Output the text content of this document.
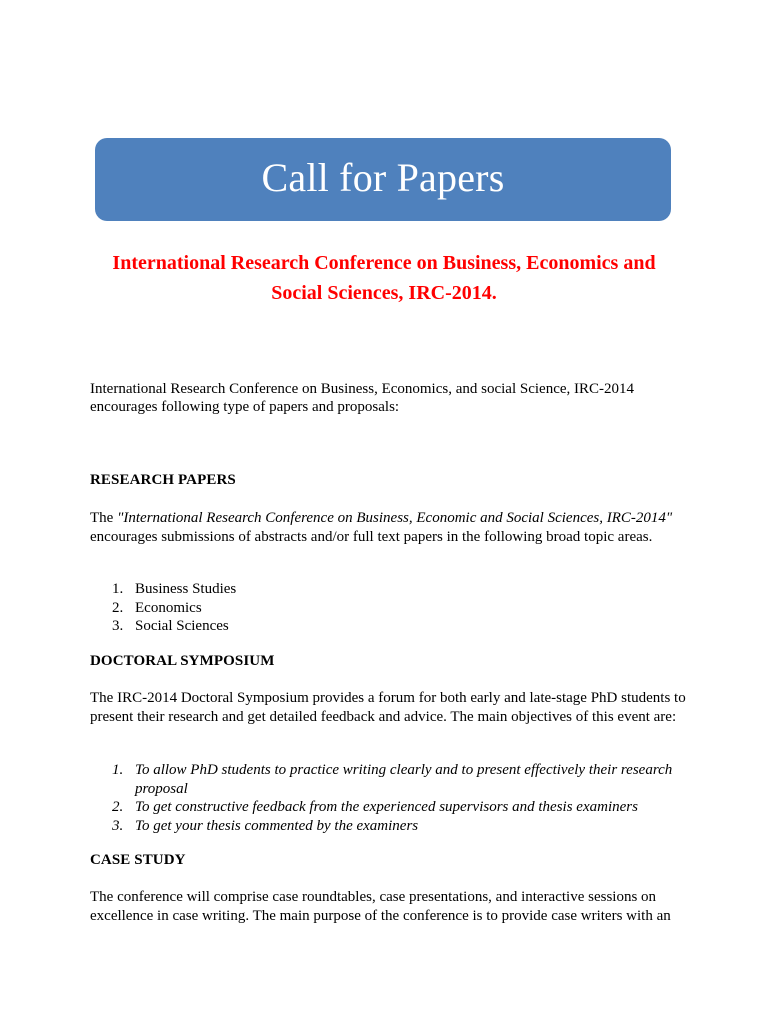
Call for Papers
International Research Conference on Business, Economics and
Social Sciences, IRC-2014.
International Research Conference on Business, Economics, and social Science, IRC-2014
encourages following type of papers and proposals:
RESEARCH PAPERS
The "International Research Conference on Business, Economic and Social Sciences, IRC-2014" encourages submissions of abstracts and/or full text papers in the following broad topic areas.
1. Business Studies
2. Economics
3. Social Sciences
DOCTORAL SYMPOSIUM
The IRC-2014 Doctoral Symposium provides a forum for both early and late-stage PhD students to present their research and get detailed feedback and advice. The main objectives of this event are:
1. To allow PhD students to practice writing clearly and to present effectively their research proposal
2. To get constructive feedback from the experienced supervisors and thesis examiners
3. To get your thesis commented by the examiners
CASE STUDY
The conference will comprise case roundtables, case presentations, and interactive sessions on excellence in case writing. The main purpose of the conference is to provide case writers with an
